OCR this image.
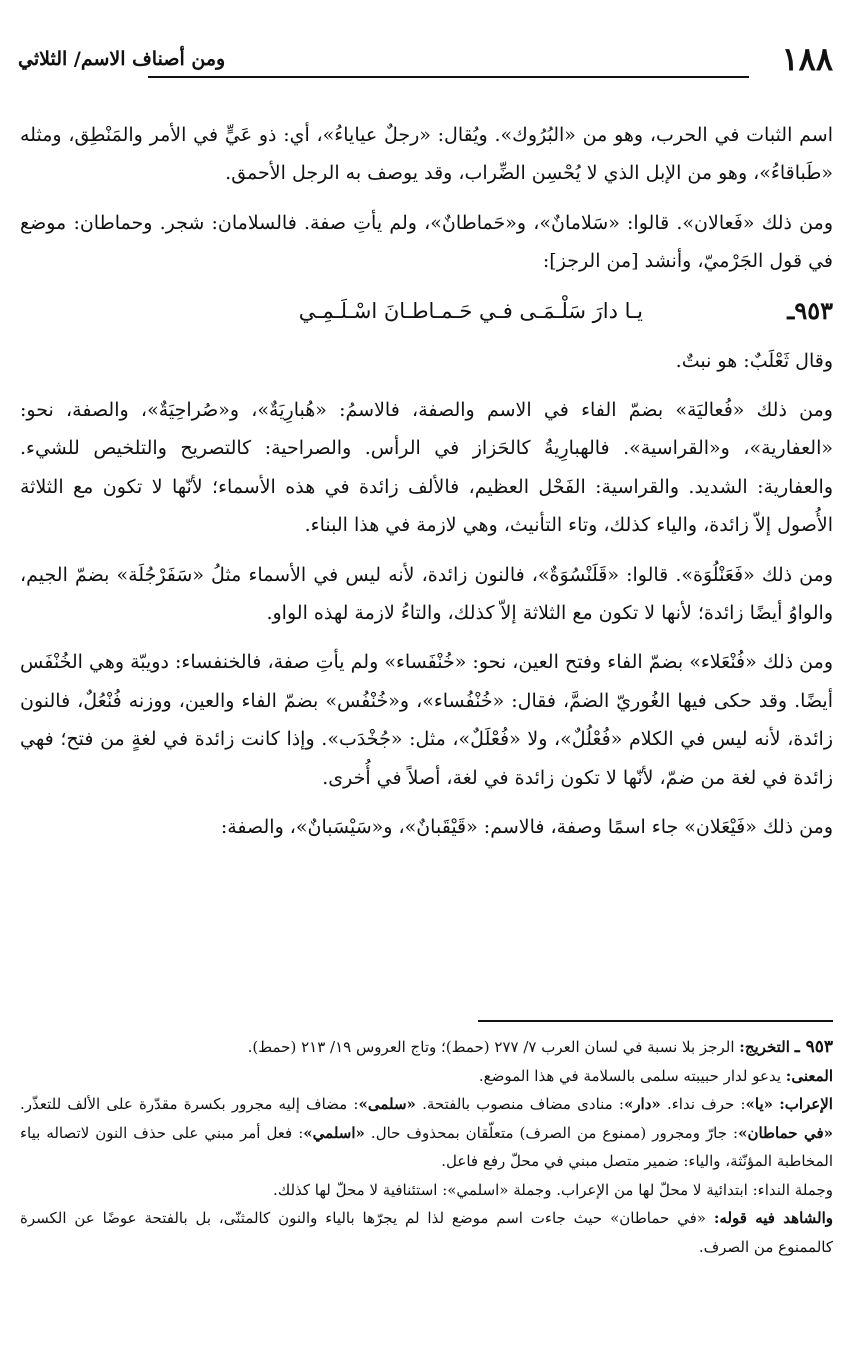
١٨٨
ومن أصناف الاسم/ الثلاثي

اسم الثبات في الحرب، وهو من «البُرُوك». ويُقال: «رجلٌ عياياءُ»، أي: ذو عَيٍّ في الأمر والمَنْطِق، ومثله «طَباقاءُ»، وهو من الإبل الذي لا يُحْسِن الضِّراب، وقد يوصف به الرجل الأحمق.

ومن ذلك «فَعالان». قالوا: «سَلامانٌ»، و«حَماطانٌ»، ولم يأتِ صفة. فالسلامان: شجر. وحماطان: موضع في قول الجَرْميّ، وأنشد [من الرجز]:

٩٥٣ـ
يـا دارَ سَلْـمَـى فـي حَـمـاطـانَ اسْـلَـمِـي

وقال ثَعْلَبٌ: هو نبتٌ.

ومن ذلك «فُعاليَة» بضمّ الفاء في الاسم والصفة، فالاسمُ: «هُبارِيَةٌ»، و«صُراحِيَةٌ»، والصفة، نحو: «العفارية»، و«القراسية». فالهبارِيةُ كالحَزاز في الرأس. والصراحية: كالتصريح والتلخيص للشيء. والعفارية: الشديد. والقراسية: الفَحْل العظيم، فالألف زائدة في هذه الأسماء؛ لأنّها لا تكون مع الثلاثة الأُصول إلاّ زائدة، والياء كذلك، وتاء التأنيث، وهي لازمة في هذا البناء.

ومن ذلك «فَعَنْلُوَة». قالوا: «قَلَنْسُوَةٌ»، فالنون زائدة، لأنه ليس في الأسماء مثلُ «سَفَرْجُلَة» بضمّ الجيم، والواوُ أيضًا زائدة؛ لأنها لا تكون مع الثلاثة إلاّ كذلك، والتاءُ لازمة لهذه الواو.

ومن ذلك «فُنْعَلاء» بضمّ الفاء وفتح العين، نحو: «خُنْفَساء» ولم يأتِ صفة، فالخنفساء: دويبّة وهي الخُنْفَس أيضًا. وقد حكى فيها الغُوريّ الضمَّ، فقال: «خُنْفُساء»، و«خُنْفُس» بضمّ الفاء والعين، ووزنه فُنْعُلٌ، فالنون زائدة، لأنه ليس في الكلام «فُعْلُلٌ»، ولا «فُعْلَلٌ»، مثل: «جُخْدَب». وإذا كانت زائدة في لغةٍ من فتح؛ فهي زائدة في لغة من ضمّ، لأنّها لا تكون زائدة في لغة، أصلاً في أُخرى.

ومن ذلك «فَيْعَلان» جاء اسمًا وصفة، فالاسم: «قَيْقَبانٌ»، و«سَيْسَبانٌ»، والصفة:

٩٥٣ ـ التخريج: الرجز بلا نسبة في لسان العرب ٧/ ٢٧٧ (حمط)؛ وتاج العروس ١٩/ ٢١٣ (حمط).

المعنى: يدعو لدار حبيبته سلمى بالسلامة في هذا الموضع.

الإعراب: «يا»: حرف نداء. «دار»: منادى مضاف منصوب بالفتحة. «سلمى»: مضاف إليه مجرور بكسرة مقدّرة على الألف للتعذّر. «في حماطان»: جارّ ومجرور (ممنوع من الصرف) متعلّقان بمحذوف حال. «اسلمي»: فعل أمر مبني على حذف النون لاتصاله بياء المخاطبة المؤنّثة، والياء: ضمير متصل مبني في محلّ رفع فاعل.

وجملة النداء: ابتدائية لا محلّ لها من الإعراب. وجملة «اسلمي»: استئنافية لا محلّ لها كذلك.

والشاهد فيه قوله: «في حماطان» حيث جاءت اسم موضع لذا لم يجرّها بالياء والنون كالمثنّى، بل بالفتحة عوضًا عن الكسرة كالممنوع من الصرف.
